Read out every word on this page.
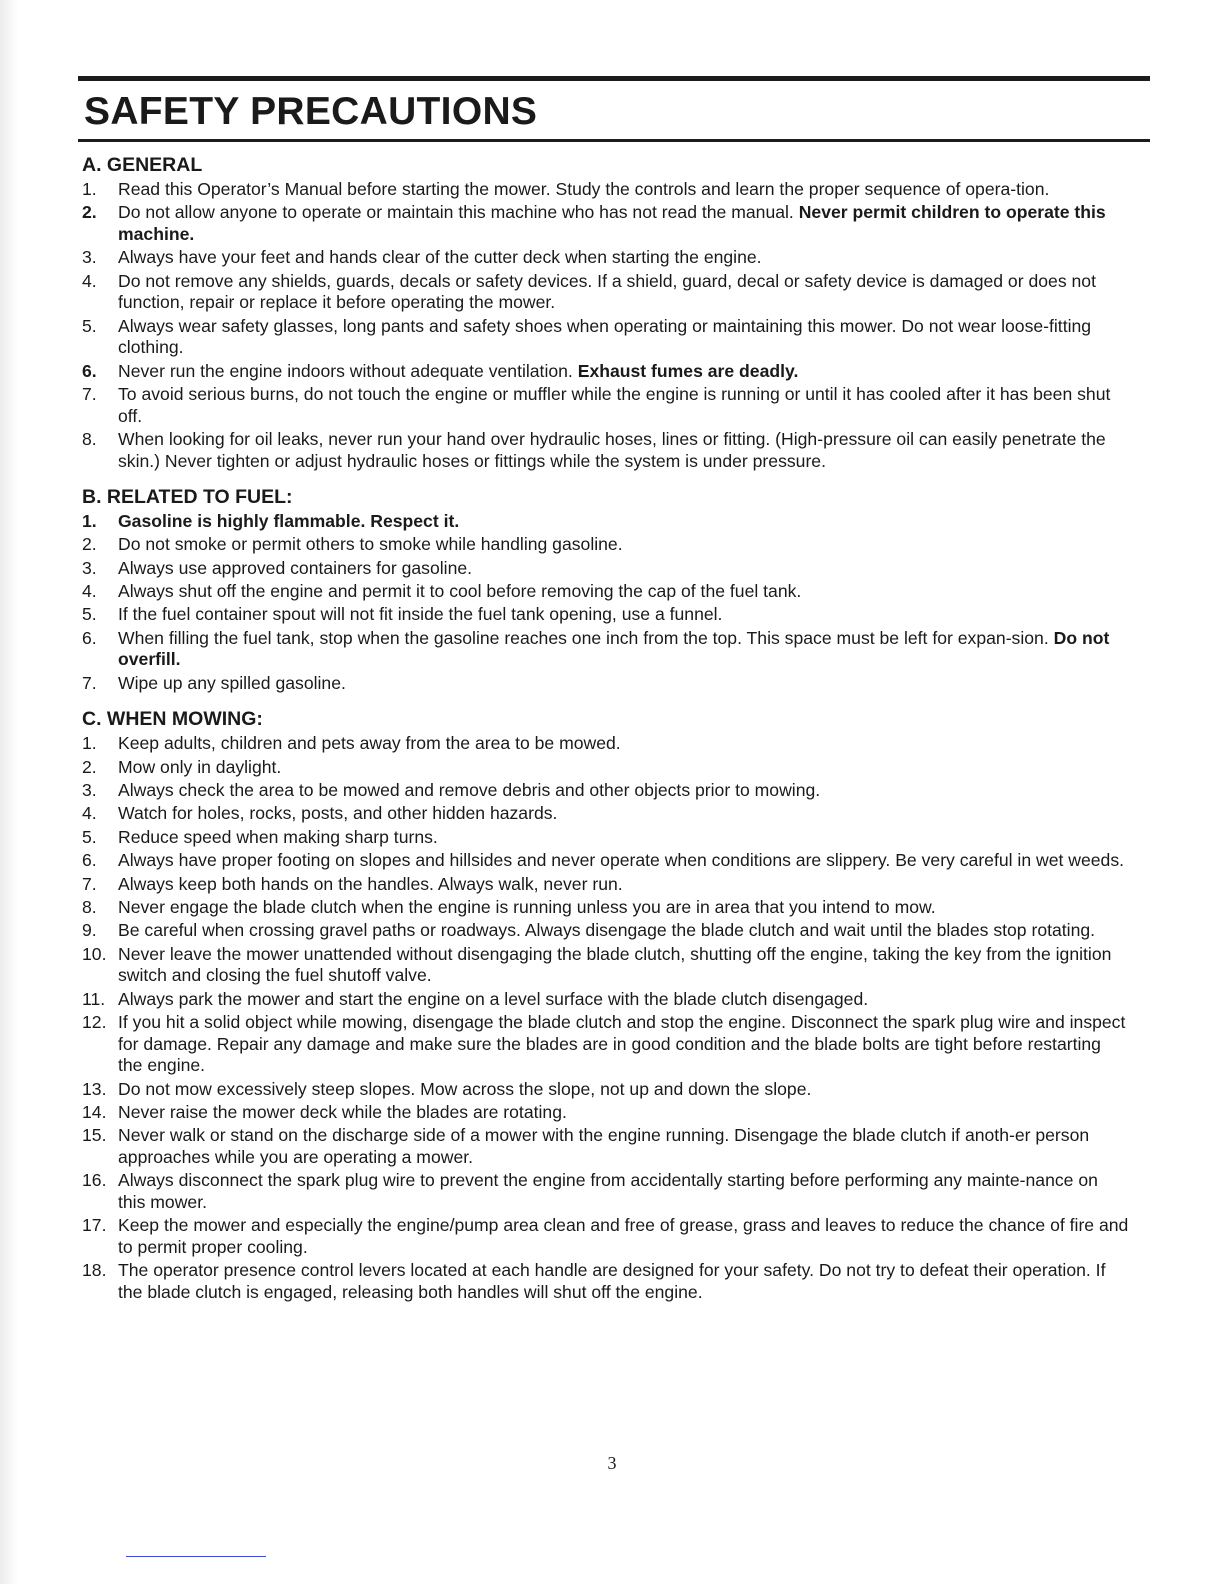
SAFETY PRECAUTIONS
A. GENERAL
1.	Read this Operator’s Manual before starting the mower. Study the controls and learn the proper sequence of opera-tion.
2.	Do not allow anyone to operate or maintain this machine who has not read the manual. Never permit children to operate this machine.
3.	Always have your feet and hands clear of the cutter deck when starting the engine.
4.	Do not remove any shields, guards, decals or safety devices. If a shield, guard, decal or safety device is damaged or does not function, repair or replace it before operating the mower.
5.	Always wear safety glasses, long pants and safety shoes when operating or maintaining this mower. Do not wear loose-fitting clothing.
6.	Never run the engine indoors without adequate ventilation. Exhaust fumes are deadly.
7.	To avoid serious burns, do not touch the engine or muffler while the engine is running or until it has cooled after it has been shut off.
8.	When looking for oil leaks, never run your hand over hydraulic hoses, lines or fitting. (High-pressure oil can easily penetrate the skin.) Never tighten or adjust hydraulic hoses or fittings while the system is under pressure.
B. RELATED TO FUEL:
1.	Gasoline is highly flammable. Respect it.
2.	Do not smoke or permit others to smoke while handling gasoline.
3.	Always use approved containers for gasoline.
4.	Always shut off the engine and permit it to cool before removing the cap of the fuel tank.
5.	If the fuel container spout will not fit inside the fuel tank opening, use a funnel.
6.	When filling the fuel tank, stop when the gasoline reaches one inch from the top. This space must be left for expan-sion. Do not overfill.
7.	Wipe up any spilled gasoline.
C. WHEN MOWING:
1.	Keep adults, children and pets away from the area to be mowed.
2.	Mow only in daylight.
3.	Always check the area to be mowed and remove debris and other objects prior to mowing.
4.	Watch for holes, rocks, posts, and other hidden hazards.
5.	Reduce speed when making sharp turns.
6.	Always have proper footing on slopes and hillsides and never operate when conditions are slippery. Be very careful in wet weeds.
7.	Always keep both hands on the handles. Always walk, never run.
8.	Never engage the blade clutch when the engine is running unless you are in area that you intend to mow.
9.	Be careful when crossing gravel paths or roadways. Always disengage the blade clutch and wait until the blades stop rotating.
10. Never leave the mower unattended without disengaging the blade clutch, shutting off the engine, taking the key from the ignition switch and closing the fuel shutoff valve.
11. Always park the mower and start the engine on a level surface with the blade clutch disengaged.
12. If you hit a solid object while mowing, disengage the blade clutch and stop the engine. Disconnect the spark plug wire and inspect for damage. Repair any damage and make sure the blades are in good condition and the blade bolts are tight before restarting the engine.
13. Do not mow excessively steep slopes. Mow across the slope, not up and down the slope.
14. Never raise the mower deck while the blades are rotating.
15. Never walk or stand on the discharge side of a mower with the engine running. Disengage the blade clutch if anoth-er person approaches while you are operating a mower.
16. Always disconnect the spark plug wire to prevent the engine from accidentally starting before performing any mainte-nance on this mower.
17. Keep the mower and especially the engine/pump area clean and free of grease, grass and leaves to reduce the chance of fire and to permit proper cooling.
18. The operator presence control levers located at each handle are designed for your safety. Do not try to defeat their operation. If the blade clutch is engaged, releasing both handles will shut off the engine.
3
